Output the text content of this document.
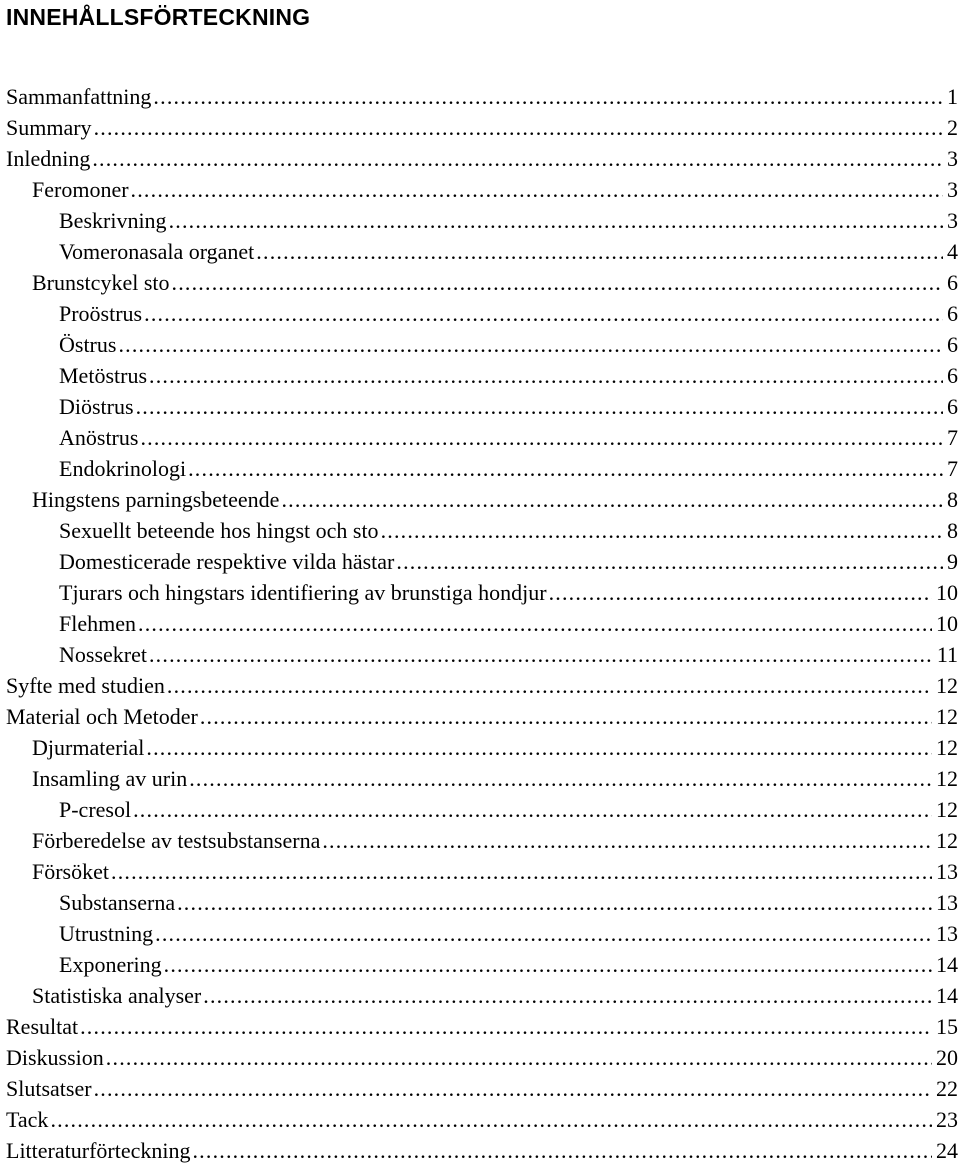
INNEHÅLLSFÖRTECKNING
Sammanfattning .....	1
Summary .....	2
Inledning .....	3
Feromoner .....	3
Beskrivning .....	3
Vomeronasala organet .....	4
Brunstcykel sto .....	6
Proöstrus .....	6
Östrus .....	6
Metöstrus .....	6
Diöstrus .....	6
Anöstrus .....	7
Endokrinologi .....	7
Hingstens parningsbeteende .....	8
Sexuellt beteende hos hingst och sto .....	8
Domesticerade respektive vilda hästar .....	9
Tjurars och hingstars identifiering av brunstiga hondjur .....	10
Flehmen .....	10
Nossekret .....	11
Syfte med studien .....	12
Material och Metoder .....	12
Djurmaterial .....	12
Insamling av urin .....	12
P-cresol .....	12
Förberedelse av testsubstanserna .....	12
Försöket .....	13
Substanserna .....	13
Utrustning .....	13
Exponering .....	14
Statistiska analyser .....	14
Resultat .....	15
Diskussion .....	20
Slutsatser .....	22
Tack .....	23
Litteraturförteckning .....	24
